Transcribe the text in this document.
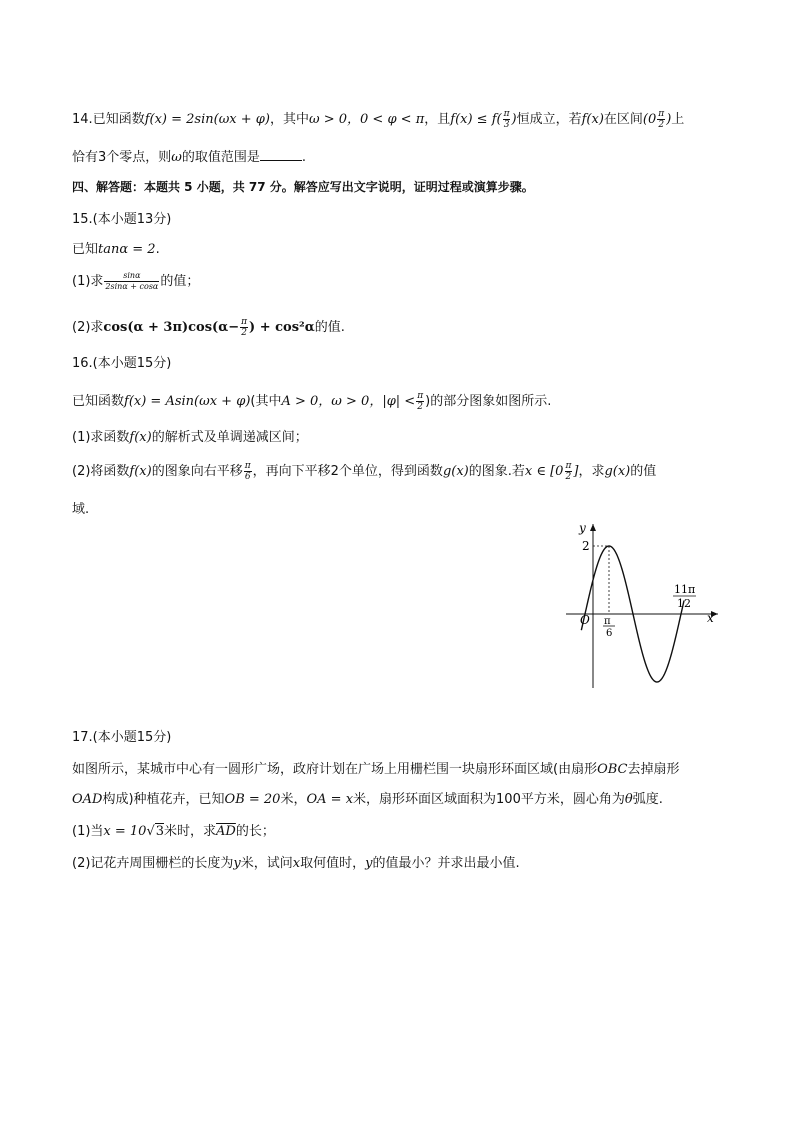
14.已知函数f(x) = 2sin(ωx + φ)，其中ω > 0，0 < φ < π，且$f(x) \le f( \frac{\pi}{3}$ )恒成立，若f(x)在区间($0 \frac{\pi}{2}$ )上
恰有3个零点，则ω的取值范围是	.
四、解答题：本题共 5 小题，共 77 分。解答应写出文字说明，证明过程或演算步骤。
15.(本小题13分)
已知tanα = 2.
(1)求 $\frac{\sin\alpha}{2\sin\alpha + \cos\alpha}$ 的值；
(2)求$\cos(\alpha + 3\pi)\cos(\alpha- \frac{\pi}{2}$ ) + cos²α的值.
16.(本小题15分)
已知函数f(x) = Asin(ωx + φ)(其中A > 0，ω > 0，$|\varphi| < \frac{\pi}{2}$ )的部分图象如图所示.
(1)求函数f(x)的解析式及单调递减区间；
(2)将函数f(x)的图象向右平移 $\frac{\pi}{6}$ ，再向下平移2个单位，得到函数g(x)的图象.若x ∈ [$0 \frac{\pi}{2}$ ]，求g(x)的值
域.
y
x
O
2
π
6
11π
12
17.(本小题15分)
如图所示，某城市中心有一圆形广场，政府计划在广场上用栅栏围一块扇形环面区域(由扇形OBC去掉扇形
OAD构成)种植花卉，已知OB = 20米，OA = x米，扇形环面区域面积为100平方米，圆心角为θ弧度.
(1)当x = 10√3米时，求$\overline{AD}$的长；
(2)记花卉周围栅栏的长度为y米，试问x取何值时，y的值最小？并求出最小值.
